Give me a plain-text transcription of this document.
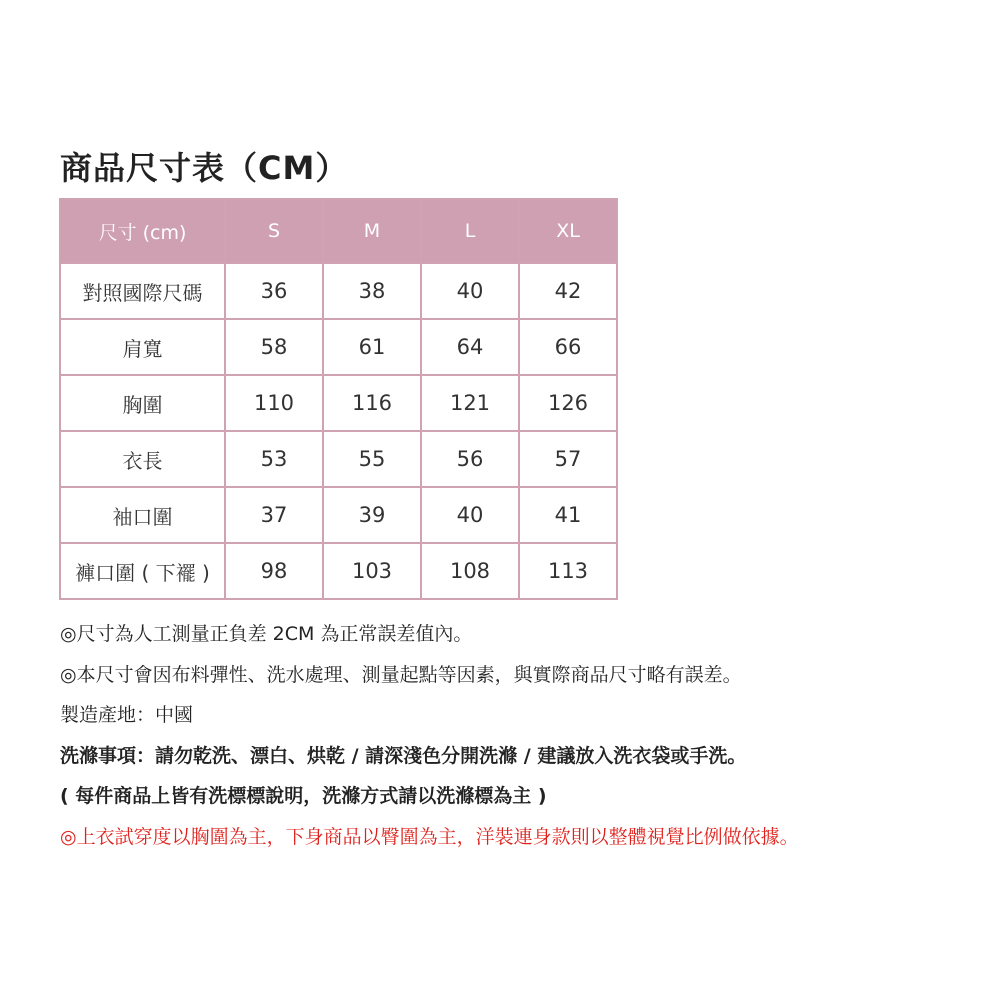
商品尺寸表（CM）
尺寸 (cm)	S	M	L	XL
對照國際尺碼	36	38	40	42
肩寬	58	61	64	66
胸圍	110	116	121	126
衣長	53	55	56	57
袖口圍	37	39	40	41
褲口圍 ( 下襬 )	98	103	108	113
◎尺寸為人工測量正負差 2CM 為正常誤差值內。
◎本尺寸會因布料彈性、洗水處理、測量起點等因素，與實際商品尺寸略有誤差。
製造產地：中國
洗滌事項：請勿乾洗、漂白、烘乾 / 請深淺色分開洗滌 / 建議放入洗衣袋或手洗。
( 每件商品上皆有洗標標說明，洗滌方式請以洗滌標為主 )
◎上衣試穿度以胸圍為主，下身商品以臀圍為主，洋裝連身款則以整體視覺比例做依據。
